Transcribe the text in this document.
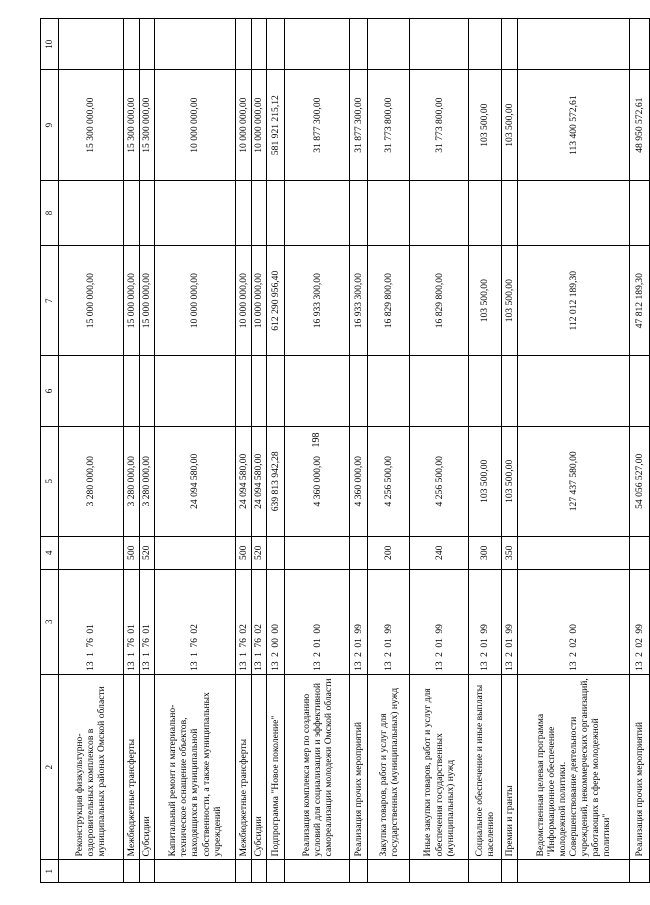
198
1	2	3	4	5	6	7	8	9	10
	Реконструкция физкультурно-оздоровительных комплексов в муниципальных районах Омской области	13 1 76 01		3 280 000,00		15 000 000,00		15 300 000,00	
	Межбюджетные трансферты	13 1 76 01	500	3 280 000,00		15 000 000,00		15 300 000,00	
	Субсидии	13 1 76 01	520	3 280 000,00		15 000 000,00		15 300 000,00	
	Капитальный ремонт и материально-техническое оснащение объектов, находящихся в муниципальной собственности, а также муниципальных учреждений	13 1 76 02		24 094 580,00		10 000 000,00		10 000 000,00	
	Межбюджетные трансферты	13 1 76 02	500	24 094 580,00		10 000 000,00		10 000 000,00	
	Субсидии	13 1 76 02	520	24 094 580,00		10 000 000,00		10 000 000,00	
	Подпрограмма "Новое поколение"	13 2 00 00		639 813 942,28		612 290 956,40		581 921 215,12	
	Реализация комплекса мер по созданию условий для социализации и эффективной самореализации молодежи Омской области	13 2 01 00		4 360 000,00		16 933 300,00		31 877 300,00	
	Реализация прочих мероприятий	13 2 01 99		4 360 000,00		16 933 300,00		31 877 300,00	
	Закупка товаров, работ и услуг для государственных (муниципальных) нужд	13 2 01 99	200	4 256 500,00		16 829 800,00		31 773 800,00	
	Иные закупки товаров, работ и услуг для обеспечения государственных (муниципальных) нужд	13 2 01 99	240	4 256 500,00		16 829 800,00		31 773 800,00	
	Социальное обеспечение и иные выплаты населению	13 2 01 99	300	103 500,00		103 500,00		103 500,00	
	Премии и гранты	13 2 01 99	350	103 500,00		103 500,00		103 500,00	
	Ведомственная целевая программа "Информационное обеспечение молодежной политики. Совершенствование деятельности учреждений, некоммерческих организаций, работающих в сфере молодежной политики"	13 2 02 00		127 437 580,00		112 012 189,30		113 400 572,61	
	Реализация прочих мероприятий	13 2 02 99		54 056 527,00		47 812 189,30		48 950 572,61	
